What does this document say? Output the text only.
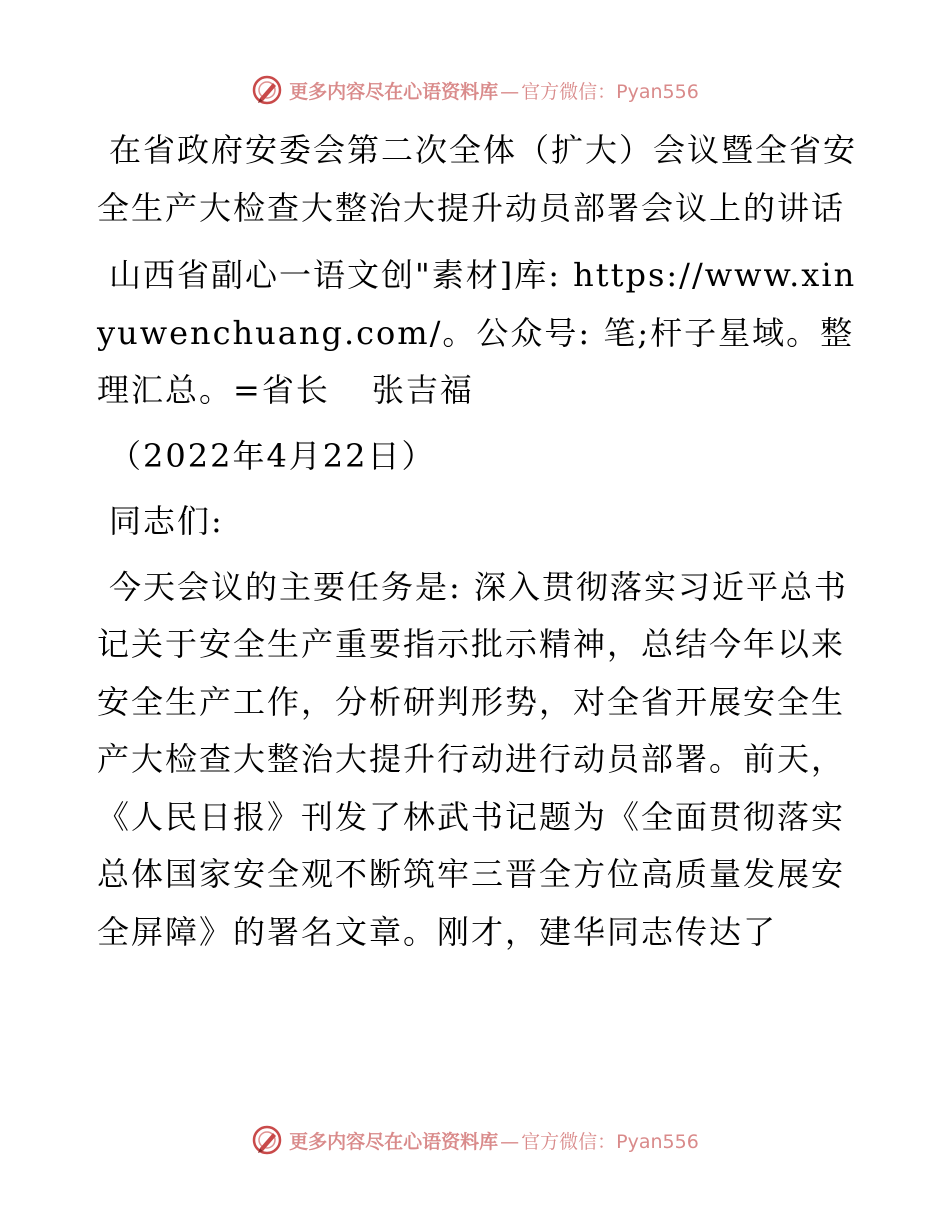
更多内容尽在心语资料库 — 官方微信：Pyan556

在省政府安委会第二次全体（扩大）会议暨全省安全生产大检查大整治大提升动员部署会议上的讲话

山西省副心一语文创"素材]库: https://www.xinyuwenchuang.com/。公众号: 笔;杆子星域。整理汇总。=省长 张吉福

（2022年4月22日）

同志们:

今天会议的主要任务是: 深入贯彻落实习近平总书记关于安全生产重要指示批示精神，总结今年以来安全生产工作，分析研判形势，对全省开展安全生产大检查大整治大提升行动进行动员部署。前天，《人民日报》刊发了林武书记题为《全面贯彻落实总体国家安全观不断筑牢三晋全方位高质量发展安全屏障》的署名文章。刚才，建华同志传达了

更多内容尽在心语资料库 — 官方微信：Pyan556
